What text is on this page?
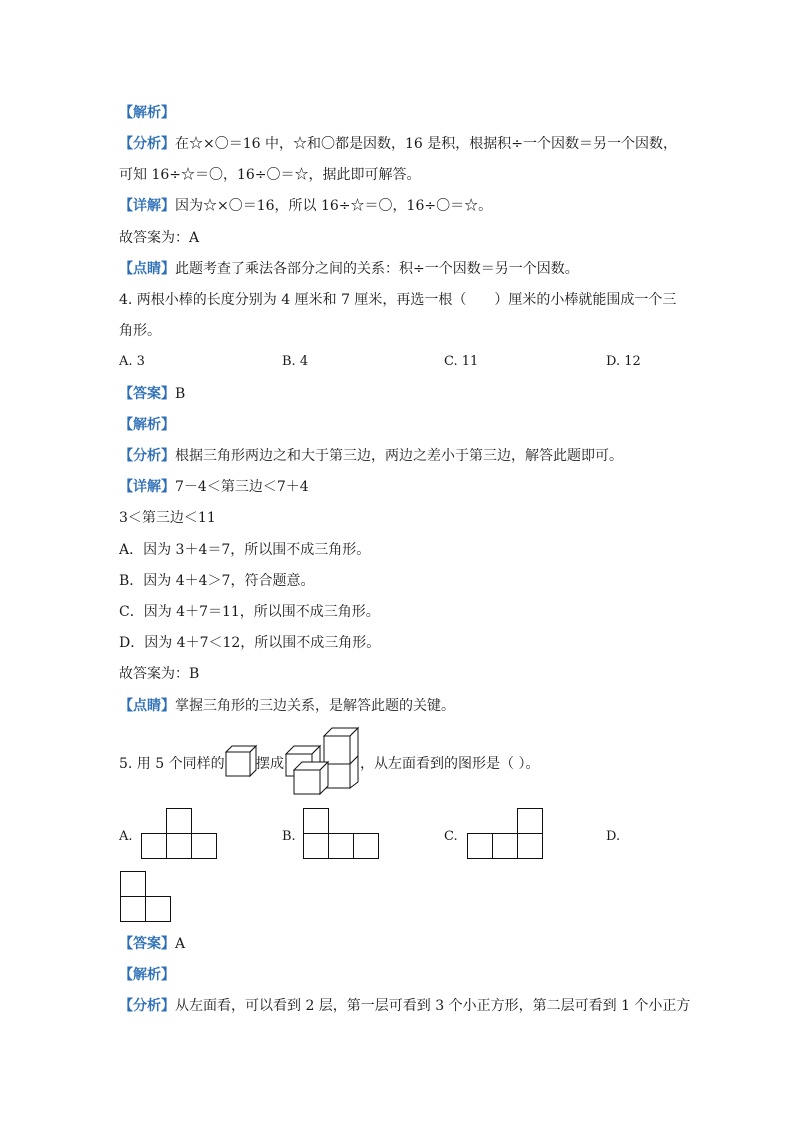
【解析】
【分析】在☆×〇＝16 中，☆和〇都是因数，16 是积，根据积÷一个因数＝另一个因数，
可知 16÷☆＝〇，16÷〇＝☆，据此即可解答。
【详解】因为☆×〇＝16，所以 16÷☆＝〇，16÷〇＝☆。
故答案为：A
【点睛】此题考查了乘法各部分之间的关系：积÷一个因数＝另一个因数。
4. 两根小棒的长度分别为 4 厘米和 7 厘米，再选一根（　　）厘米的小棒就能围成一个三
角形。
A. 3	B. 4	C. 11	D. 12
【答案】B
【解析】
【分析】根据三角形两边之和大于第三边，两边之差小于第三边，解答此题即可。
【详解】7－4＜第三边＜7＋4
3＜第三边＜11
A．因为 3＋4＝7，所以围不成三角形。
B．因为 4＋4＞7，符合题意。
C．因为 4＋7＝11，所以围不成三角形。
D．因为 4＋7＜12，所以围不成三角形。
故答案为：B
【点睛】掌握三角形的三边关系，是解答此题的关键。
5. 用 5 个同样的 摆成	，从左面看到的图形是（ ）。
A.	B.	C.	D.
【答案】A
【解析】
【分析】从左面看，可以看到 2 层，第一层可看到 3 个小正方形，第二层可看到 1 个小正方
